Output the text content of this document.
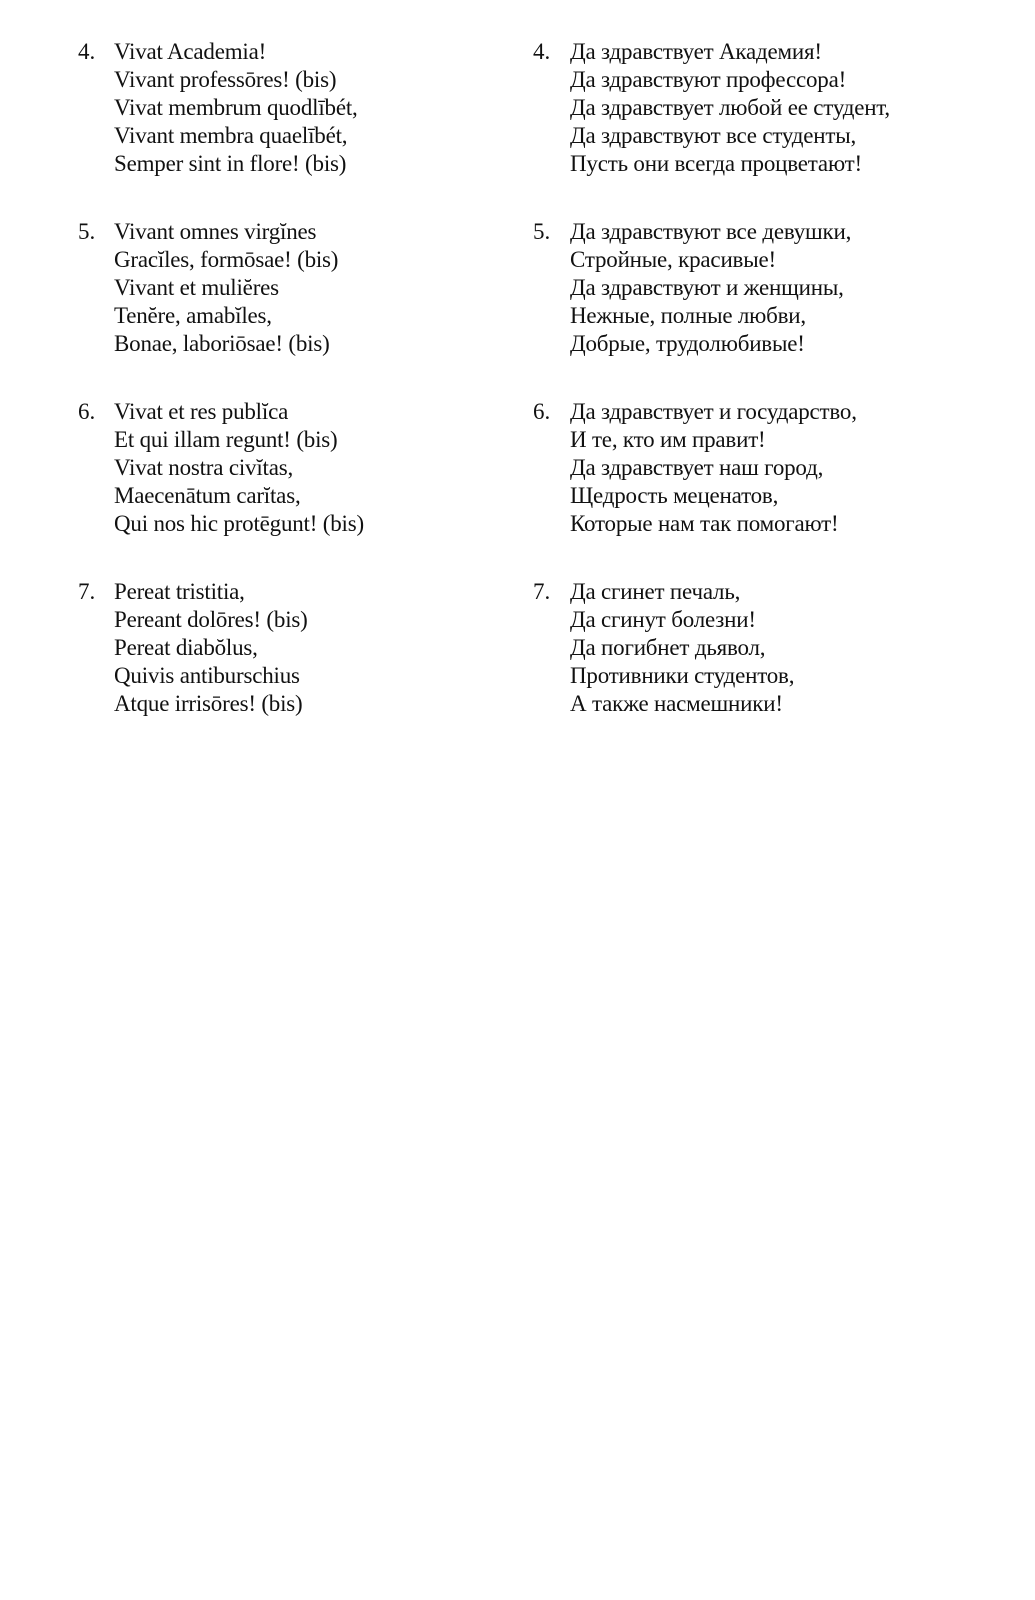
4. Vivat Academia!
Vivant professōres! (bis)
Vivat membrum quodlībét,
Vivant membra quaelībét,
Semper sint in flore! (bis)
5. Vivant omnes virgĭnes
Gracĭles, formōsae! (bis)
Vivant et muliĕres
Tenĕre, amabĭles,
Bonae, laboriōsae! (bis)
6. Vivat et res publĭca
Et qui illam regunt! (bis)
Vivat nostra civĭtas,
Maecenātum carĭtas,
Qui nos hic protēgunt! (bis)
7. Pereat tristitia,
Pereant dolōres! (bis)
Pereat diabŏlus,
Quivis antiburschius
Atque irrisōres! (bis)
4. Да здравствует Академия!
Да здравствуют профессора!
Да здравствует любой ее студент,
Да здравствуют все студенты,
Пусть они всегда процветают!
5. Да здравствуют все девушки,
Стройные, красивые!
Да здравствуют и женщины,
Нежные, полные любви,
Добрые, трудолюбивые!
6. Да здравствует и государство,
И те, кто им правит!
Да здравствует наш город,
Щедрость меценатов,
Которые нам так помогают!
7. Да сгинет печаль,
Да сгинут болезни!
Да погибнет дьявол,
Противники студентов,
А также насмешники!
